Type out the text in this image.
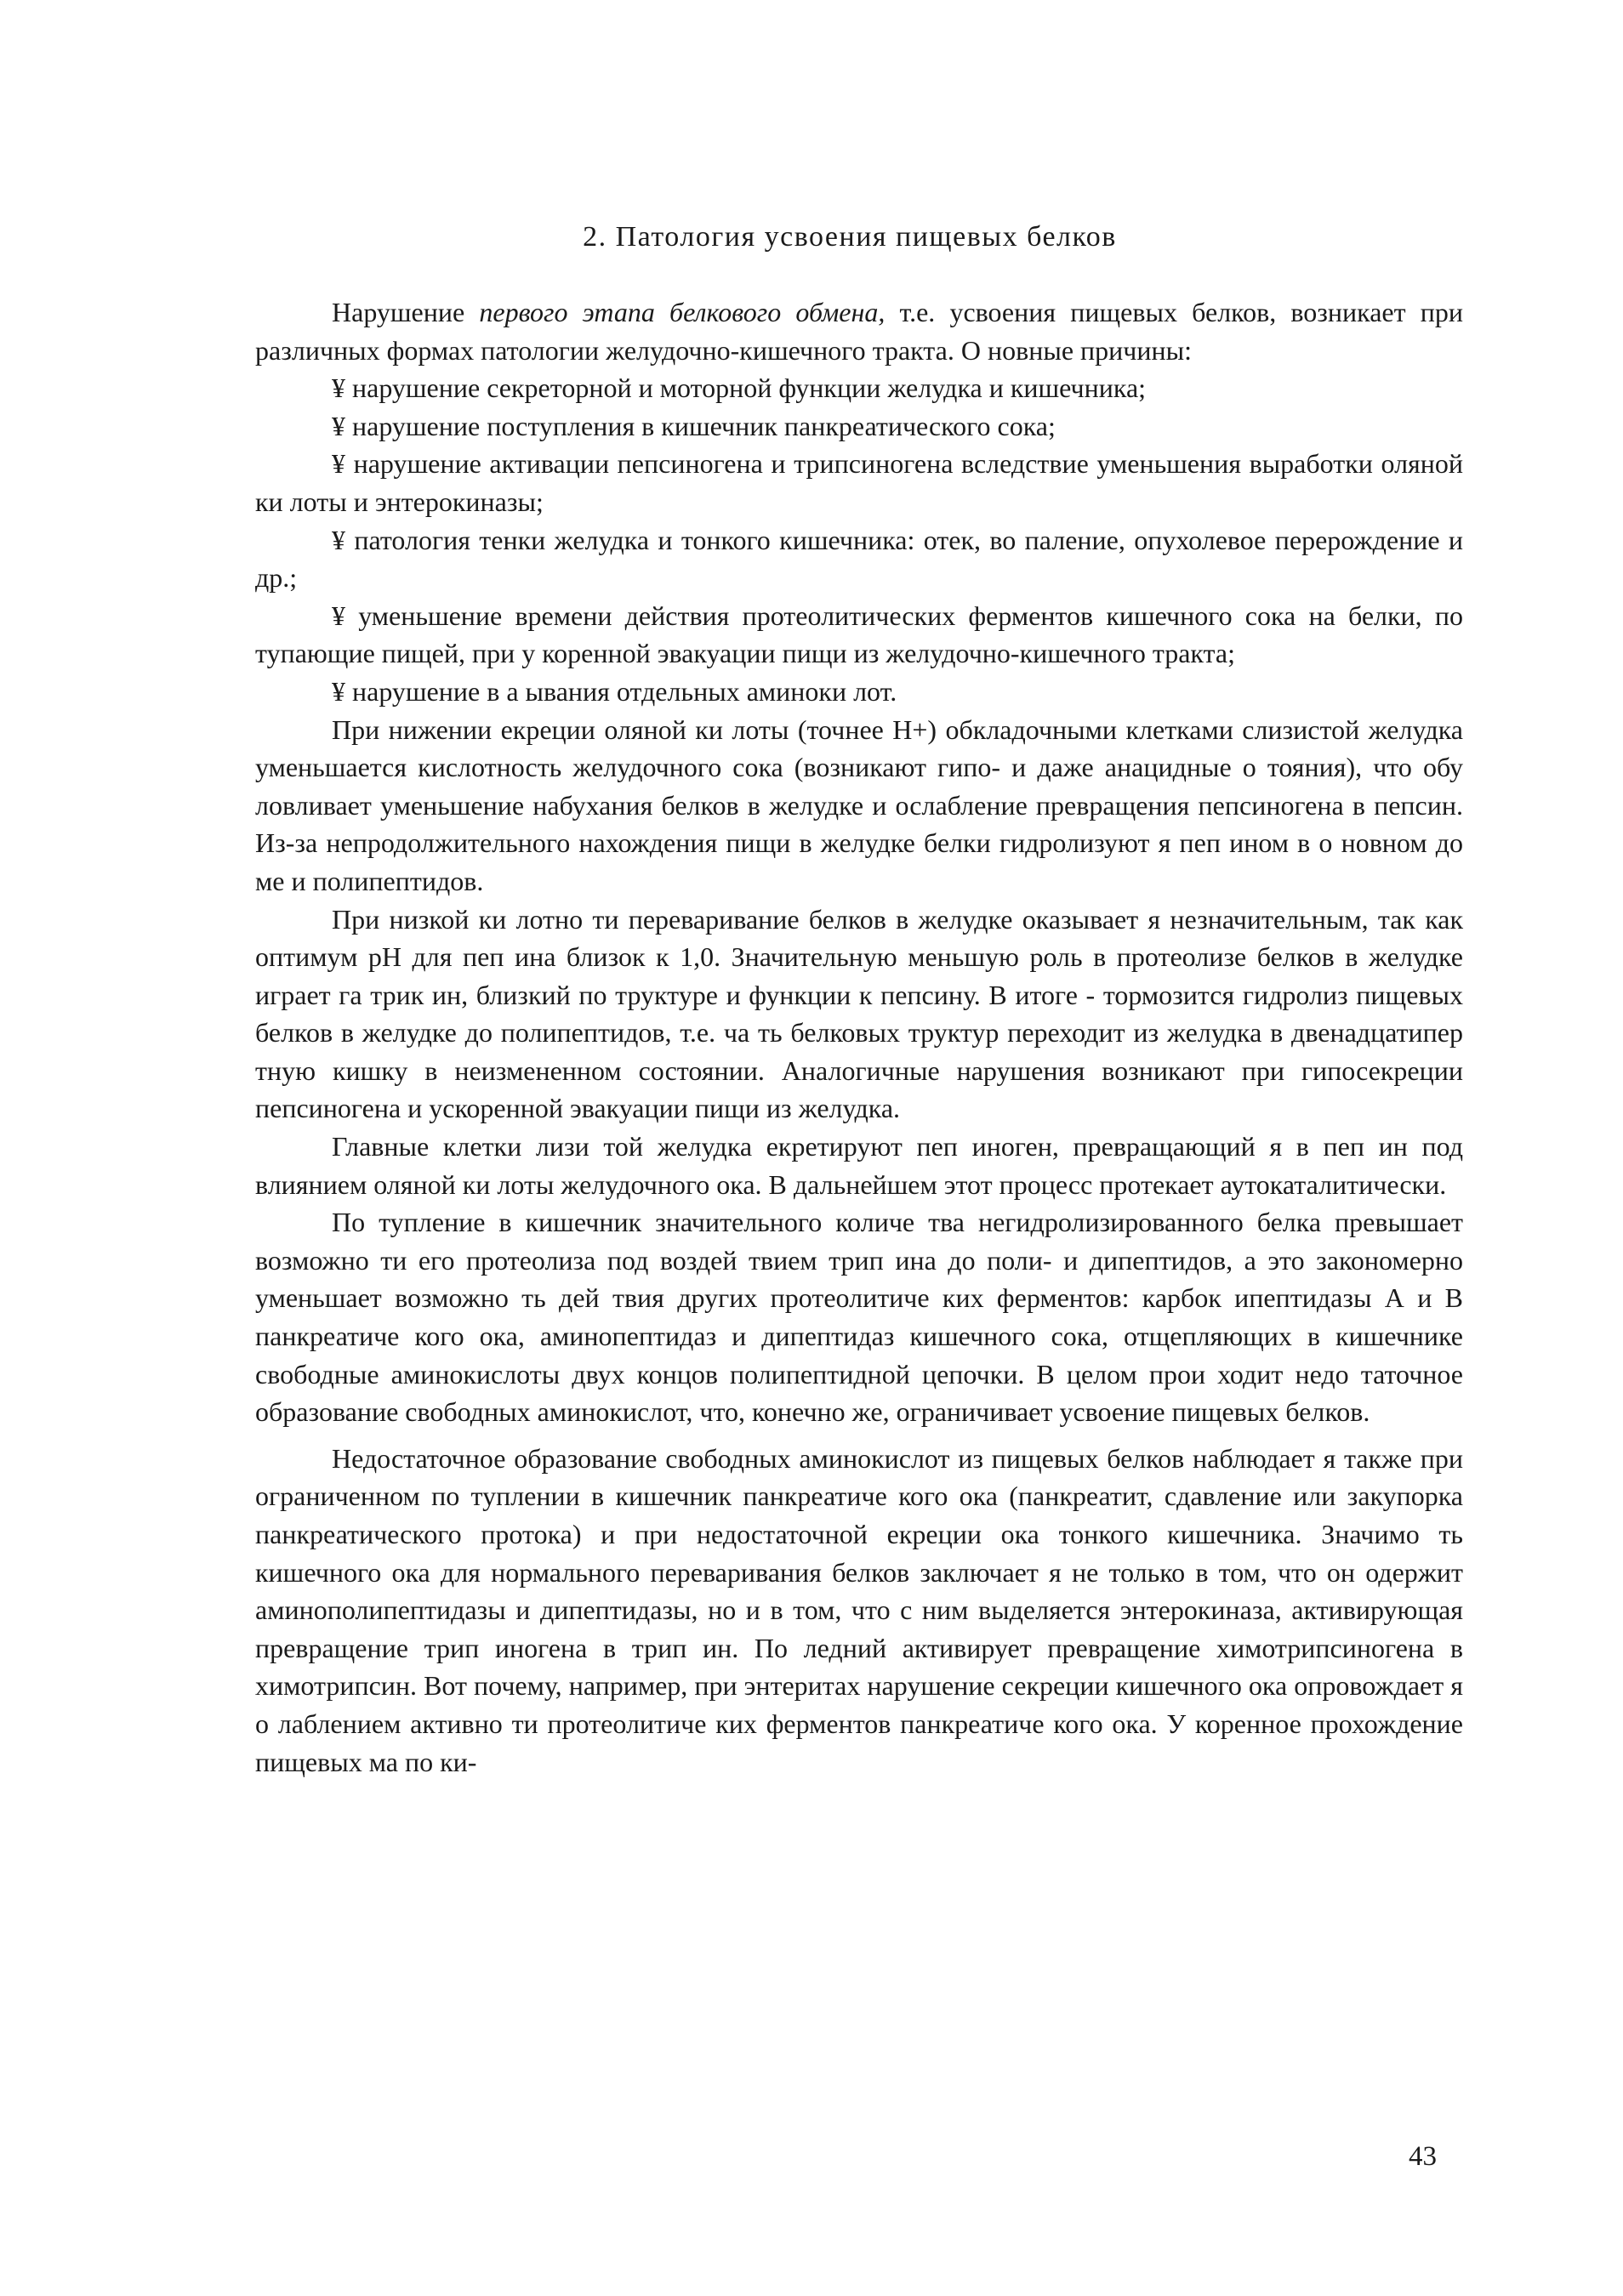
2. Патология усвоения пищевых белков

Нарушение первого этапа белкового обмена, т.е. усвоения пищевых белков, возникает при различных формах патологии желудочно-кишечного тракта. О новные причины:

¥ нарушение секреторной и моторной функции желудка и кишечника;

¥ нарушение поступления в кишечник панкреатического сока;

¥ нарушение активации пепсиногена и трипсиногена вследствие уменьшения выработки оляной ки лоты и энтерокиназы;

¥ патология тенки желудка и тонкого кишечника: отек, во паление, опухолевое перерождение и др.;

¥ уменьшение времени действия протеолитических ферментов кишечного сока на белки, по тупающие пищей, при у коренной эвакуации пищи из желудочно-кишечного тракта;

¥ нарушение в а ывания отдельных аминоки лот.

При нижении екреции оляной ки лоты (точнее H+) обкладочными клетками слизистой желудка уменьшается кислотность желудочного сока (возникают гипо- и даже анацидные о тояния), что обу ловливает уменьшение набухания белков в желудке и ослабление превращения пепсиногена в пепсин. Из-за непродолжительного нахождения пищи в желудке белки гидролизуют я пеп ином в о новном до ме и полипептидов.

При низкой ки лотно ти переваривание белков в желудке оказывает я незначительным, так как оптимум pH для пеп ина близок к 1,0. Значительную меньшую роль в протеолизе белков в желудке играет га трик ин, близкий по труктуре и функции к пепсину. В итоге - тормозится гидролиз пищевых белков в желудке до полипептидов, т.е. ча ть белковых труктур переходит из желудка в двенадцатипер тную кишку в неизмененном состоянии. Аналогичные нарушения возникают при гипосекреции пепсиногена и ускоренной эвакуации пищи из желудка.

Главные клетки лизи той желудка екретируют пеп иноген, превращающий я в пеп ин под влиянием оляной ки лоты желудочного ока. В дальнейшем этот процесс протекает аутокаталитически.

По тупление в кишечник значительного количе тва негидролизированного белка превышает возможно ти его протеолиза под воздей твием трип ина до поли- и дипептидов, а это закономерно уменьшает возможно ть дей твия других протеолитиче ких ферментов: карбок ипептидазы А и В панкреатиче кого ока, аминопептидаз и дипептидаз кишечного сока, отщепляющих в кишечнике свободные аминокислоты двух концов полипептидной цепочки. В целом прои ходит недо таточное образование свободных аминокислот, что, конечно же, ограничивает усвоение пищевых белков.

Недостаточное образование свободных аминокислот из пищевых белков наблюдает я также при ограниченном по туплении в кишечник панкреатиче кого ока (панкреатит, сдавление или закупорка панкреатического протока) и при недостаточной екреции ока тонкого кишечника. Значимо ть кишечного ока для нормального переваривания белков заключает я не только в том, что он одержит аминополипептидазы и дипептидазы, но и в том, что с ним выделяется энтерокиназа, активирующая превращение трип иногена в трип ин. По ледний активирует превращение химотрипсиногена в химотрипсин. Вот почему, например, при энтеритах нарушение секреции кишечного ока опровождает я о лаблением активно ти протеолитиче ких ферментов панкреатиче кого ока. У коренное прохождение пищевых ма по ки-

43
